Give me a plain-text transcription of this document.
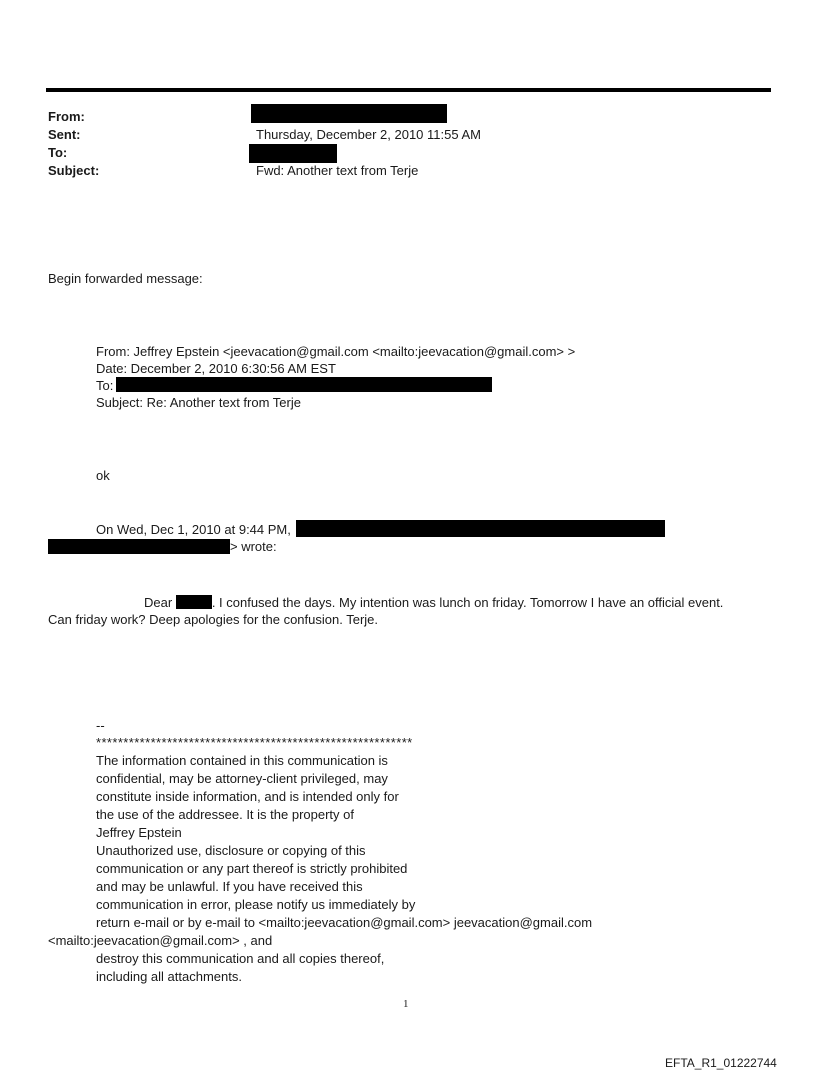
From:
Sent:	Thursday, December 2, 2010 11:55 AM
To:
Subject:	Fwd: Another text from Terje
Begin forwarded message:
From: Jeffrey Epstein <jeevacation@gmail.com <mailto:jeevacation@gmail.com> >
Date: December 2, 2010 6:30:56 AM EST
To:
Subject: Re: Another text from Terje
ok
On Wed, Dec 1, 2010 at 9:44 PM,
> wrote:
Dear	. I confused the days. My intention was lunch on friday. Tomorrow I have an official event.
Can friday work? Deep apologies for the confusion. Terje.
--
**********************************************************
The information contained in this communication is
confidential, may be attorney-client privileged, may
constitute inside information, and is intended only for
the use of the addressee. It is the property of
Jeffrey Epstein
Unauthorized use, disclosure or copying of this
communication or any part thereof is strictly prohibited
and may be unlawful. If you have received this
communication in error, please notify us immediately by
return e-mail or by e-mail to <mailto:jeevacation@gmail.com> jeevacation@gmail.com
<mailto:jeevacation@gmail.com> , and
destroy this communication and all copies thereof,
including all attachments.
1
EFTA_R1_01222744
